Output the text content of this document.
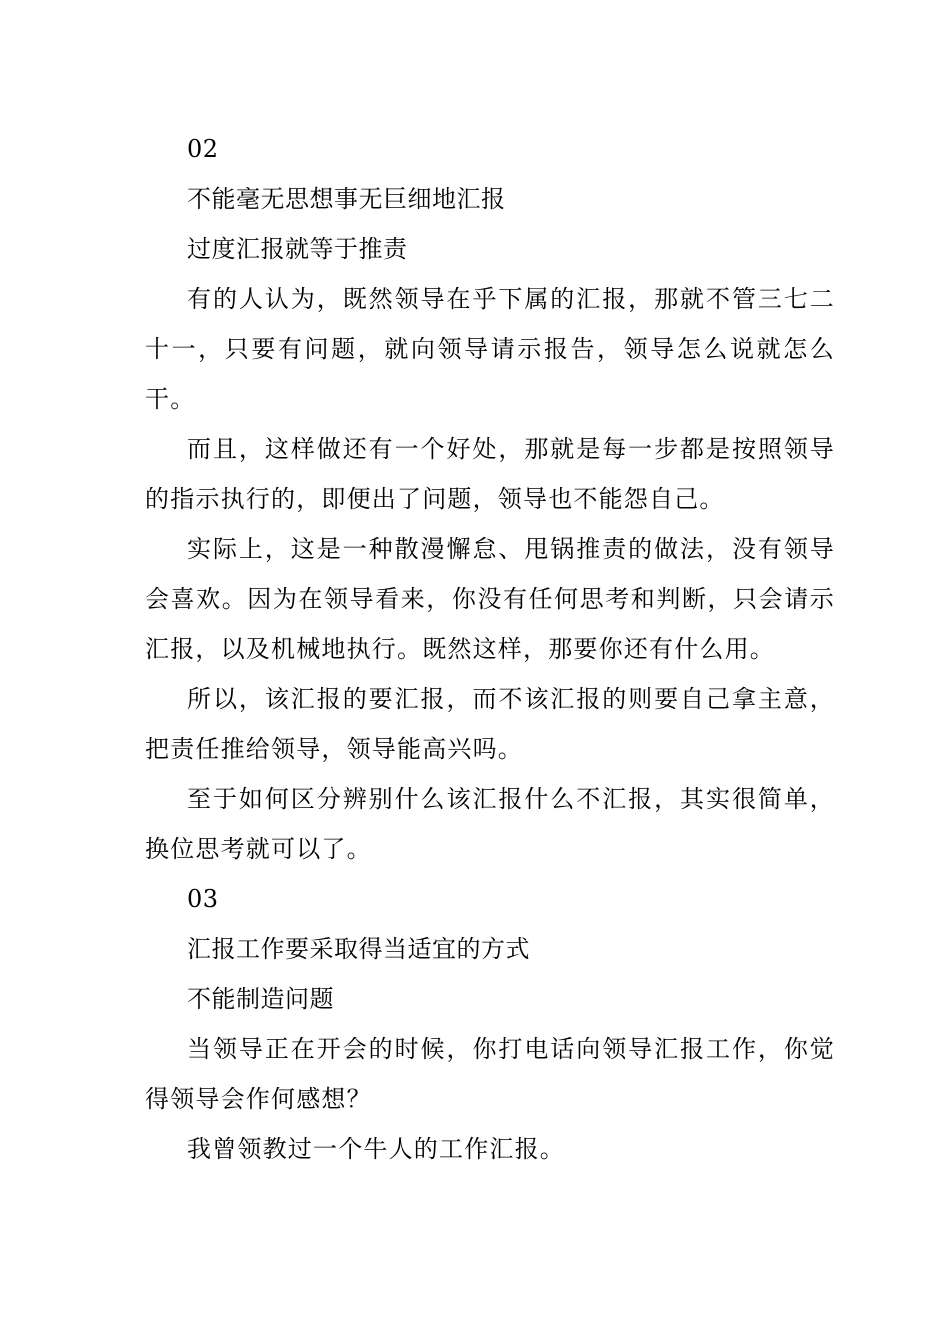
02
不能毫无思想事无巨细地汇报
过度汇报就等于推责

有的人认为，既然领导在乎下属的汇报，那就不管三七二十一，只要有问题，就向领导请示报告，领导怎么说就怎么干。

而且，这样做还有一个好处，那就是每一步都是按照领导的指示执行的，即便出了问题，领导也不能怨自己。

实际上，这是一种散漫懈怠、甩锅推责的做法，没有领导会喜欢。因为在领导看来，你没有任何思考和判断，只会请示汇报，以及机械地执行。既然这样，那要你还有什么用。

所以，该汇报的要汇报，而不该汇报的则要自己拿主意，把责任推给领导，领导能高兴吗。

至于如何区分辨别什么该汇报什么不汇报，其实很简单，换位思考就可以了。

03
汇报工作要采取得当适宜的方式
不能制造问题

当领导正在开会的时候，你打电话向领导汇报工作，你觉得领导会作何感想？

我曾领教过一个牛人的工作汇报。
